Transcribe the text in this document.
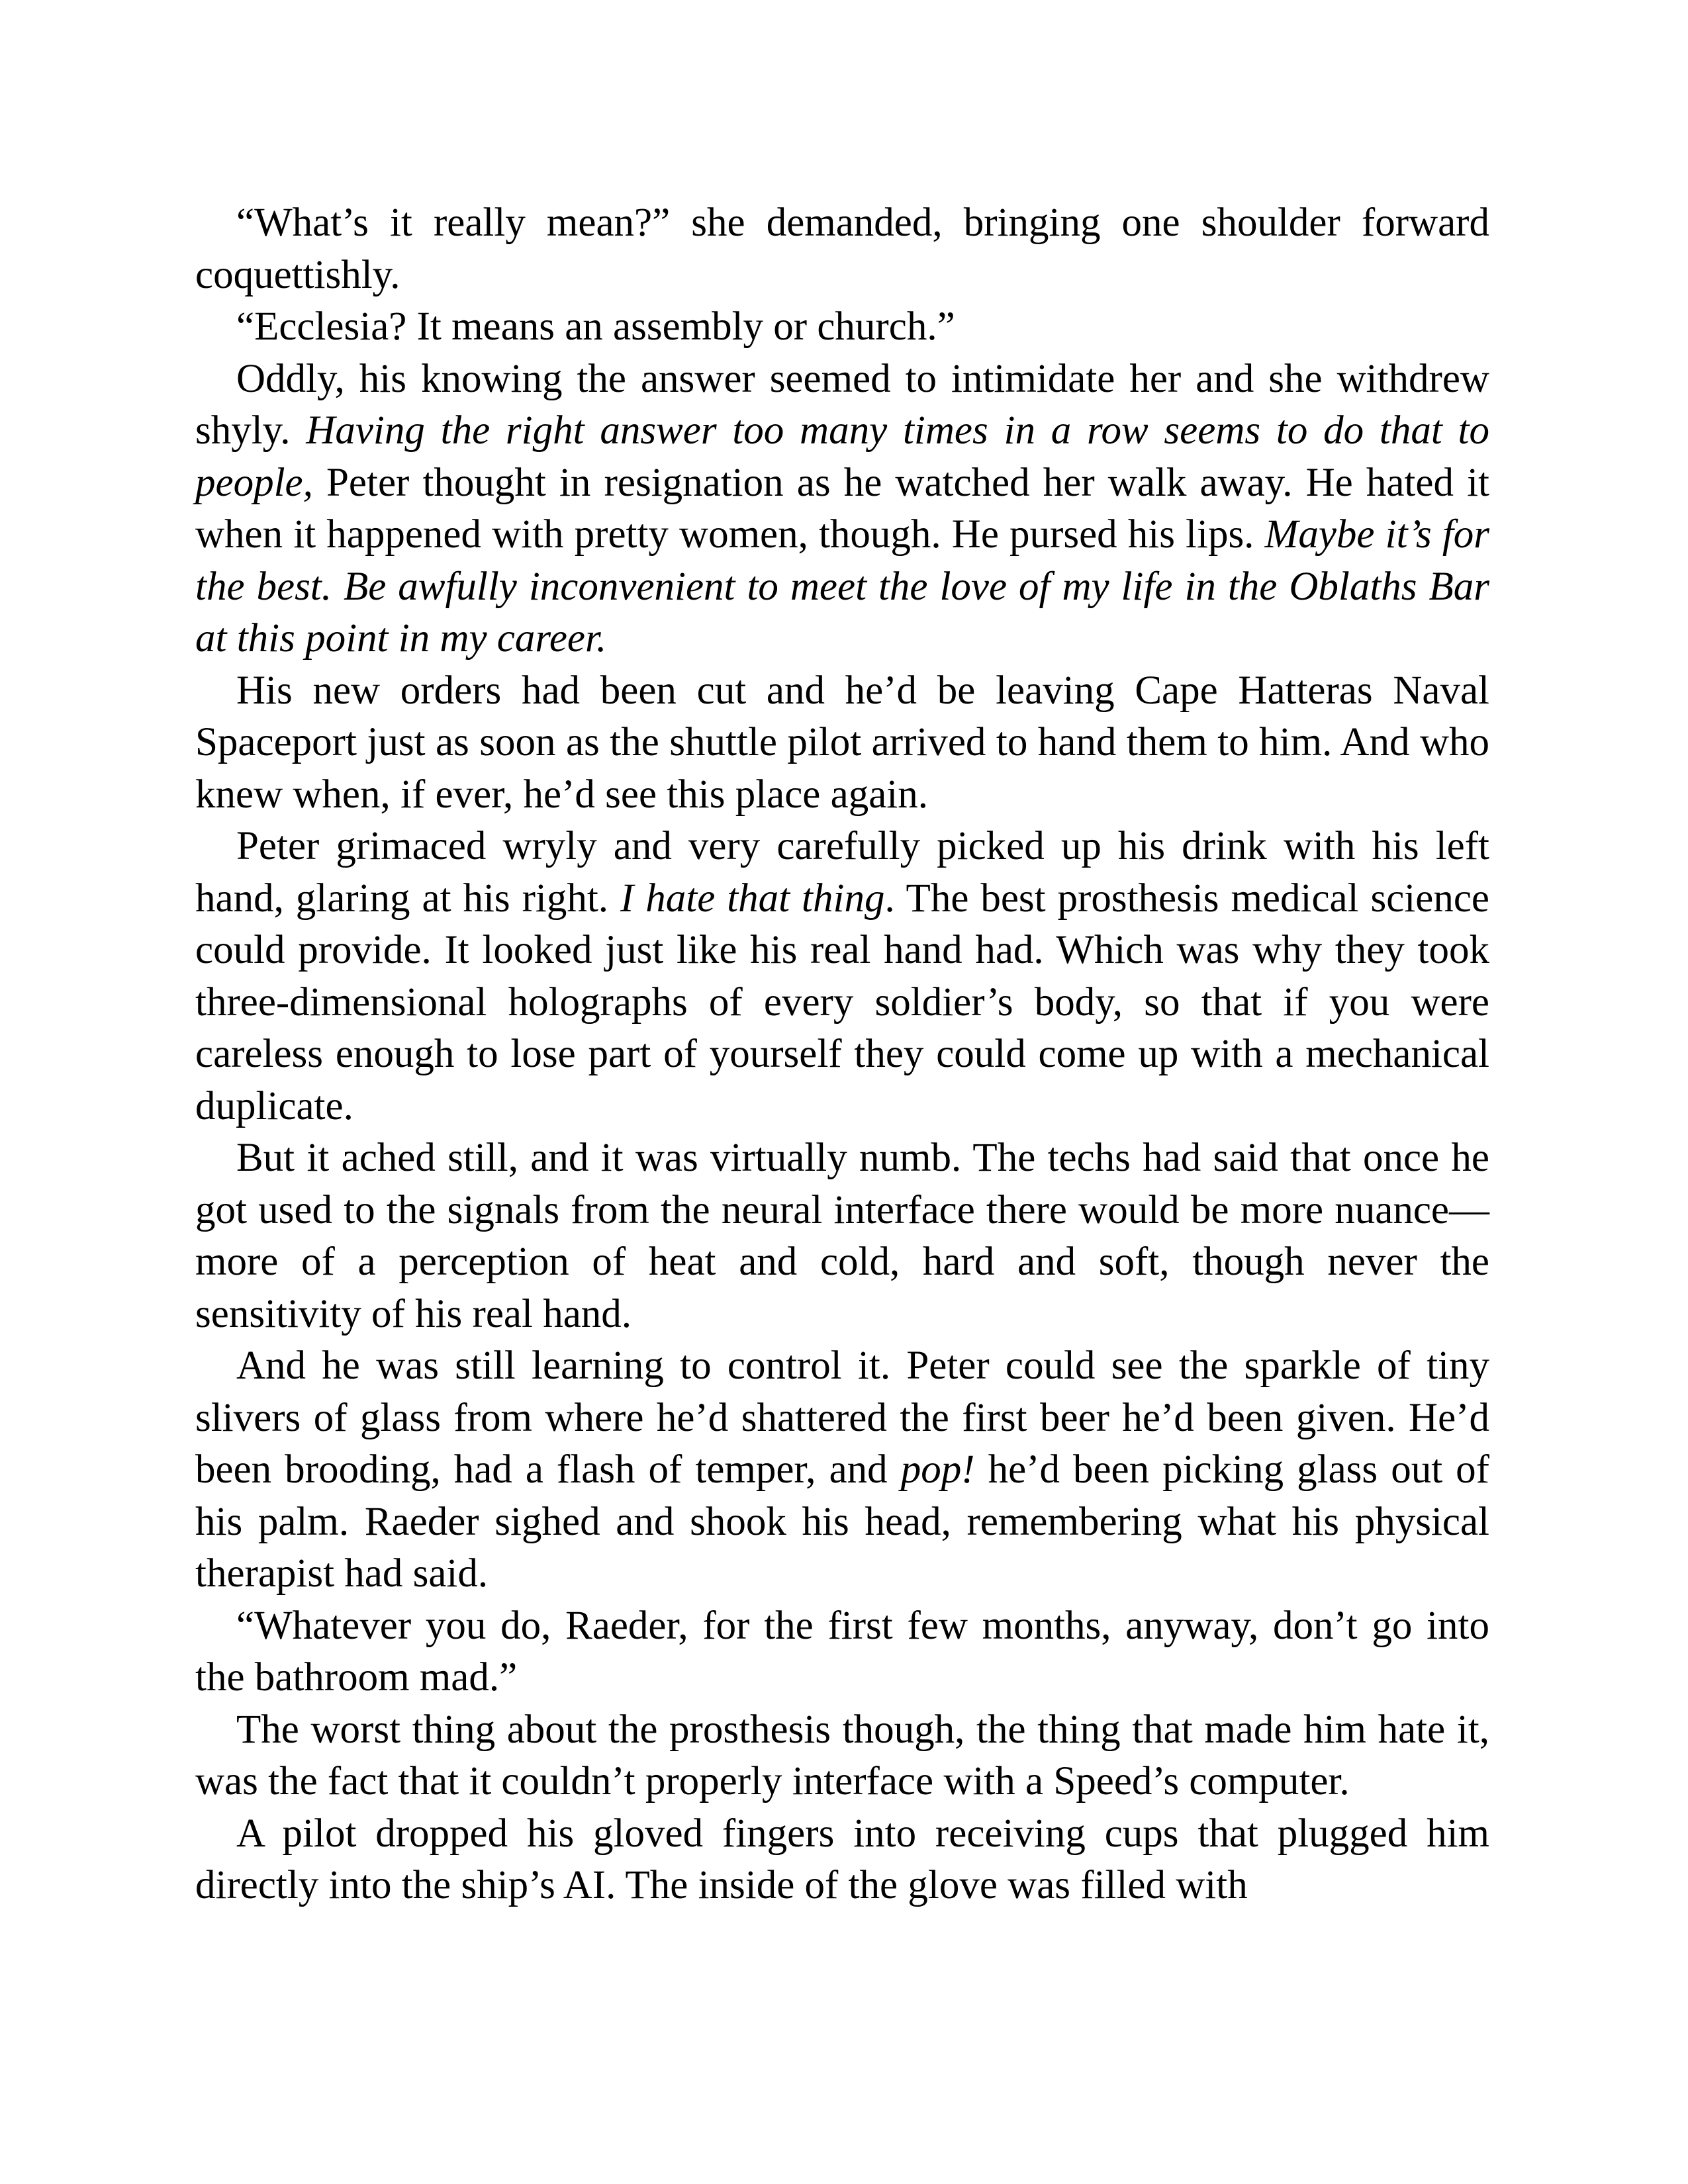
“What’s it really mean?” she demanded, bringing one shoulder forward coquettishly.

“Ecclesia? It means an assembly or church.”

Oddly, his knowing the answer seemed to intimidate her and she withdrew shyly. Having the right answer too many times in a row seems to do that to people, Peter thought in resignation as he watched her walk away. He hated it when it happened with pretty women, though. He pursed his lips. Maybe it’s for the best. Be awfully inconvenient to meet the love of my life in the Oblaths Bar at this point in my career.

His new orders had been cut and he’d be leaving Cape Hatteras Naval Spaceport just as soon as the shuttle pilot arrived to hand them to him. And who knew when, if ever, he’d see this place again.

Peter grimaced wryly and very carefully picked up his drink with his left hand, glaring at his right. I hate that thing. The best prosthesis medical science could provide. It looked just like his real hand had. Which was why they took three-dimensional holographs of every soldier’s body, so that if you were careless enough to lose part of yourself they could come up with a mechanical duplicate.

But it ached still, and it was virtually numb. The techs had said that once he got used to the signals from the neural interface there would be more nuance—more of a perception of heat and cold, hard and soft, though never the sensitivity of his real hand.

And he was still learning to control it. Peter could see the sparkle of tiny slivers of glass from where he’d shattered the first beer he’d been given. He’d been brooding, had a flash of temper, and pop! he’d been picking glass out of his palm. Raeder sighed and shook his head, remembering what his physical therapist had said.

“Whatever you do, Raeder, for the first few months, anyway, don’t go into the bathroom mad.”

The worst thing about the prosthesis though, the thing that made him hate it, was the fact that it couldn’t properly interface with a Speed’s computer.

A pilot dropped his gloved fingers into receiving cups that plugged him directly into the ship’s AI. The inside of the glove was filled with
